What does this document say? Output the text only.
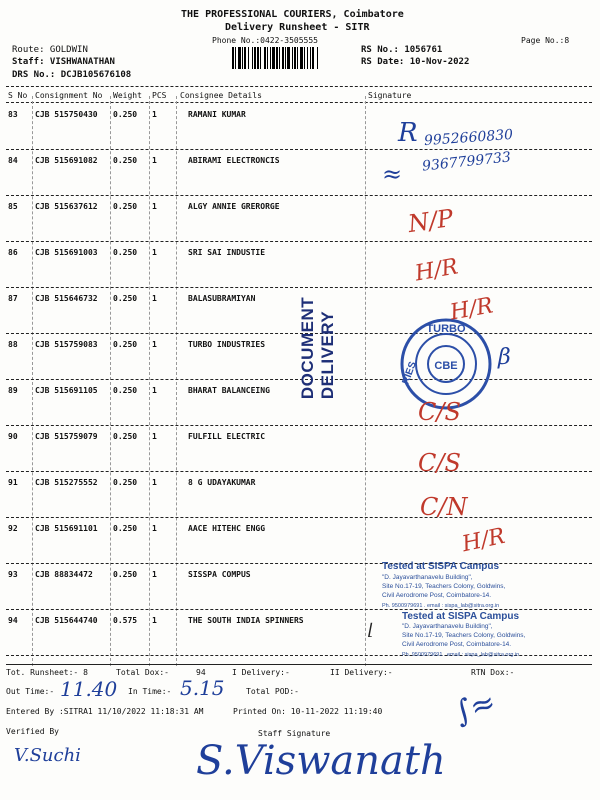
THE PROFESSIONAL COURIERS, Coimbatore
Delivery Runsheet - SITR
Phone No.:0422-3505555	Page No.:8
Route: GOLDWIN
Staff: VISHWANATHAN
DRS No.: DCJB105676108
RS No.: 1056761
RS Date: 10-Nov-2022
S No Consignment No Weight PCS Consignee Details	Signature
83 CJB 515750430 0.250 1	RAMANI KUMAR
84 CJB 515691082 0.250 1	ABIRAMI ELECTRONCIS
85 CJB 515637612 0.250 1	ALGY ANNIE GRERORGE
86 CJB 515691003 0.250 1	SRI SAI INDUSTIE
87 CJB 515646732 0.250 1	BALASUBRAMIYAN
88 CJB 515759083 0.250 1	TURBO INDUSTRIES
89 CJB 515691105 0.250 1	BHARAT BALANCEING
90 CJB 515759079 0.250 1	FULFILL ELECTRIC
91 CJB 515275552 0.250 1	8 G UDAYAKUMAR
92 CJB 515691101 0.250 1	AACE HITEHC ENGG
93 CJB 88834472	0.250 1	SISSPA COMPUS
94 CJB 515644740 0.575 1	THE SOUTH INDIA SPINNERS
DOCUMENT DELIVERY	TURBO
CBE
RIES
Tested at SISPA Campus
"D. Jayavarthanavelu Building",
Site No.17-19, Teachers Colony, Goldwins,
Civil Aerodrome Post, Coimbatore-14.
Ph. 9500979691 . email : sispa_lab@sitra.org.in
Tested at SISPA Campus
"D. Jayavarthanavelu Building",
Site No.17-19, Teachers Colony, Goldwins,
Civil Aerodrome Post, Coimbatore-14.
Ph. 9500979691 . email : sispa_lab@sitra.org.in
R 9952660830
≈ 9367799733
N/P
H/R
H/R
β
C/S
C/S
C/N
H/R
⌊
Tot. Runsheet:- 8	Total Dox:-	94	I Delivery:-	II Delivery:-	RTN Dox:-
Out Time:- 11.40 In Time:- 5.15	Total POD:-
Entered By :SITRA1 11/10/2022 11:18:31 AM	Printed On: 10-11-2022 11:19:40
Verified By	Staff Signature
V.Suchi	S.Viswanath
∫≈
